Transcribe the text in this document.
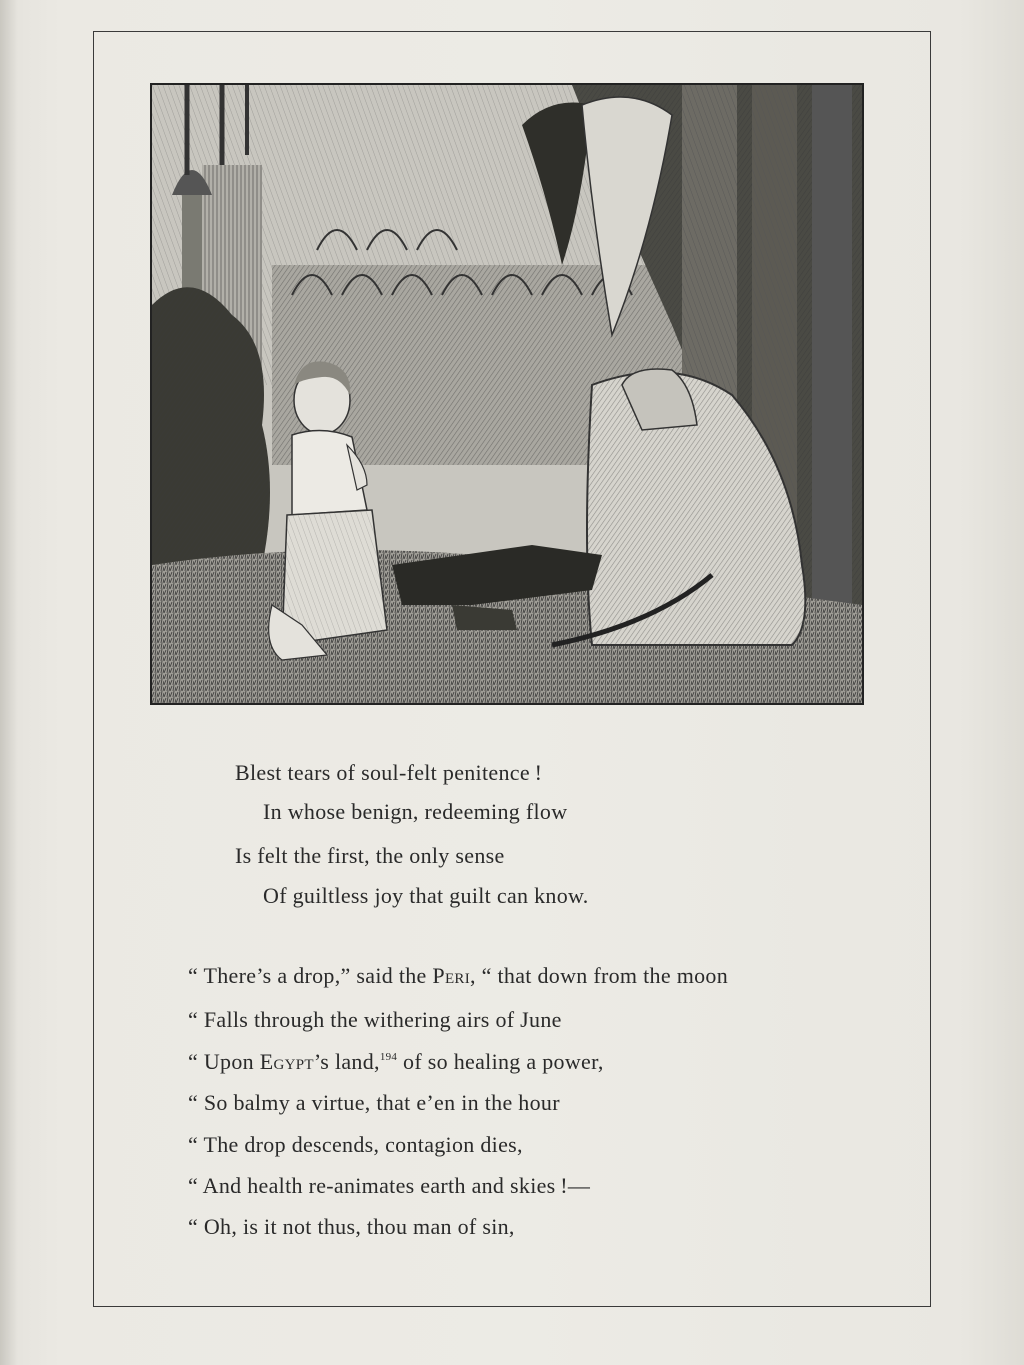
Blest tears of soul-felt penitence !
In whose benign, redeeming flow
Is felt the first, the only sense
Of guiltless joy that guilt can know.
“ There’s a drop,” said the Peri, “ that down from the moon
“ Falls through the withering airs of June
“ Upon Egypt’s land,$^{194}$ of so healing a power,
“ So balmy a virtue, that e’en in the hour
“ The drop descends, contagion dies,
“ And health re-animates earth and skies !—
“ Oh, is it not thus, thou man of sin,
